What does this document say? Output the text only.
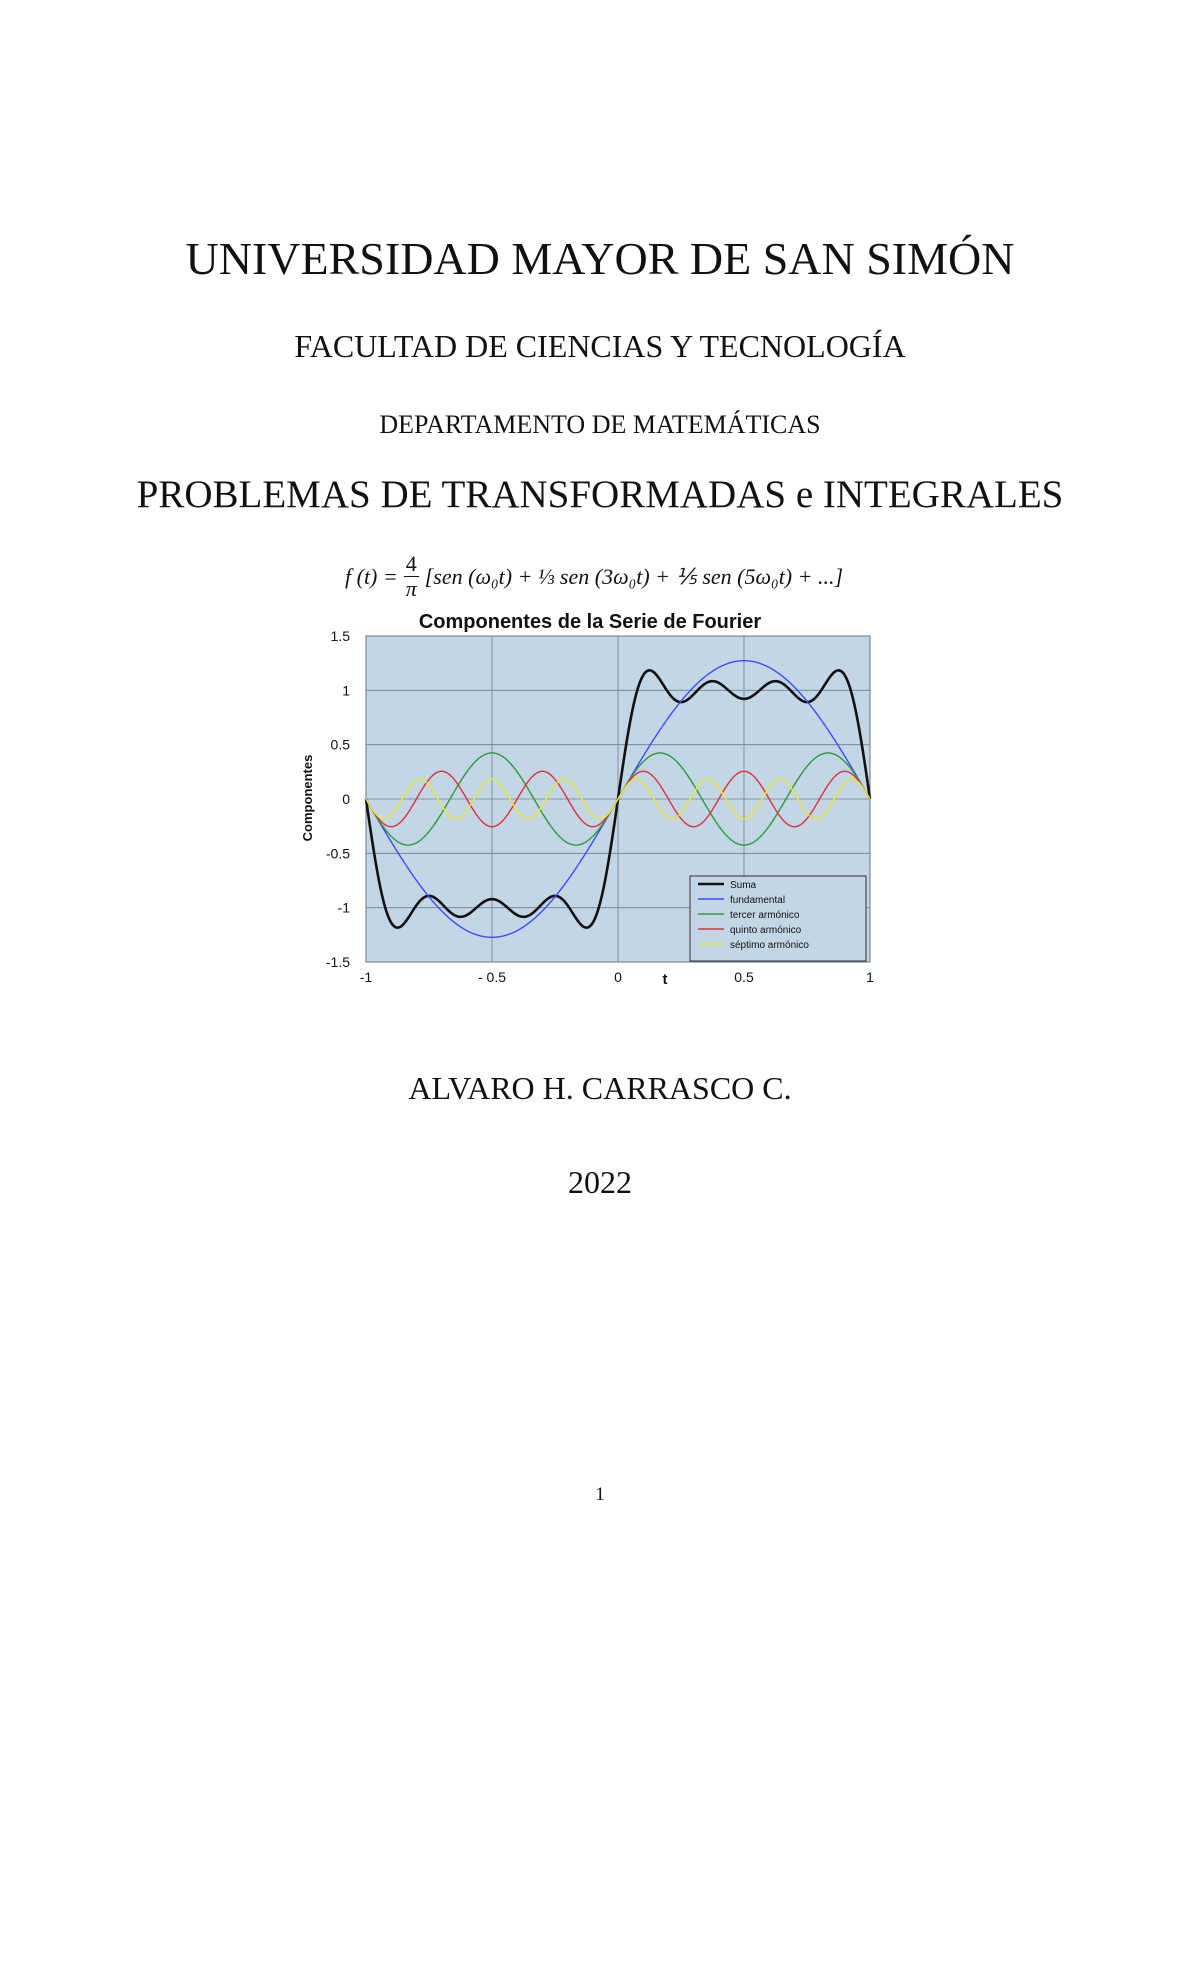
UNIVERSIDAD MAYOR DE SAN SIMÓN
FACULTAD DE CIENCIAS Y TECNOLOGÍA
DEPARTAMENTO DE MATEMÁTICAS
PROBLEMAS DE TRANSFORMADAS e INTEGRALES
f $(t) = \frac{4}{\pi} [sen$ (ω₀t) + ⅓ sen (3ω₀t) + ⅕ sen (5ω₀t) + ...]
Componentes de la Serie de Fourier
1.5
1
0.5
0
-0.5
-1
-1.5
-1	- 0.5	0	0.5	1
Componentes
t
Suma
fundamental
tercer armónico
quinto armónico
séptimo armónico
ALVARO H. CARRASCO C.
2022
1
